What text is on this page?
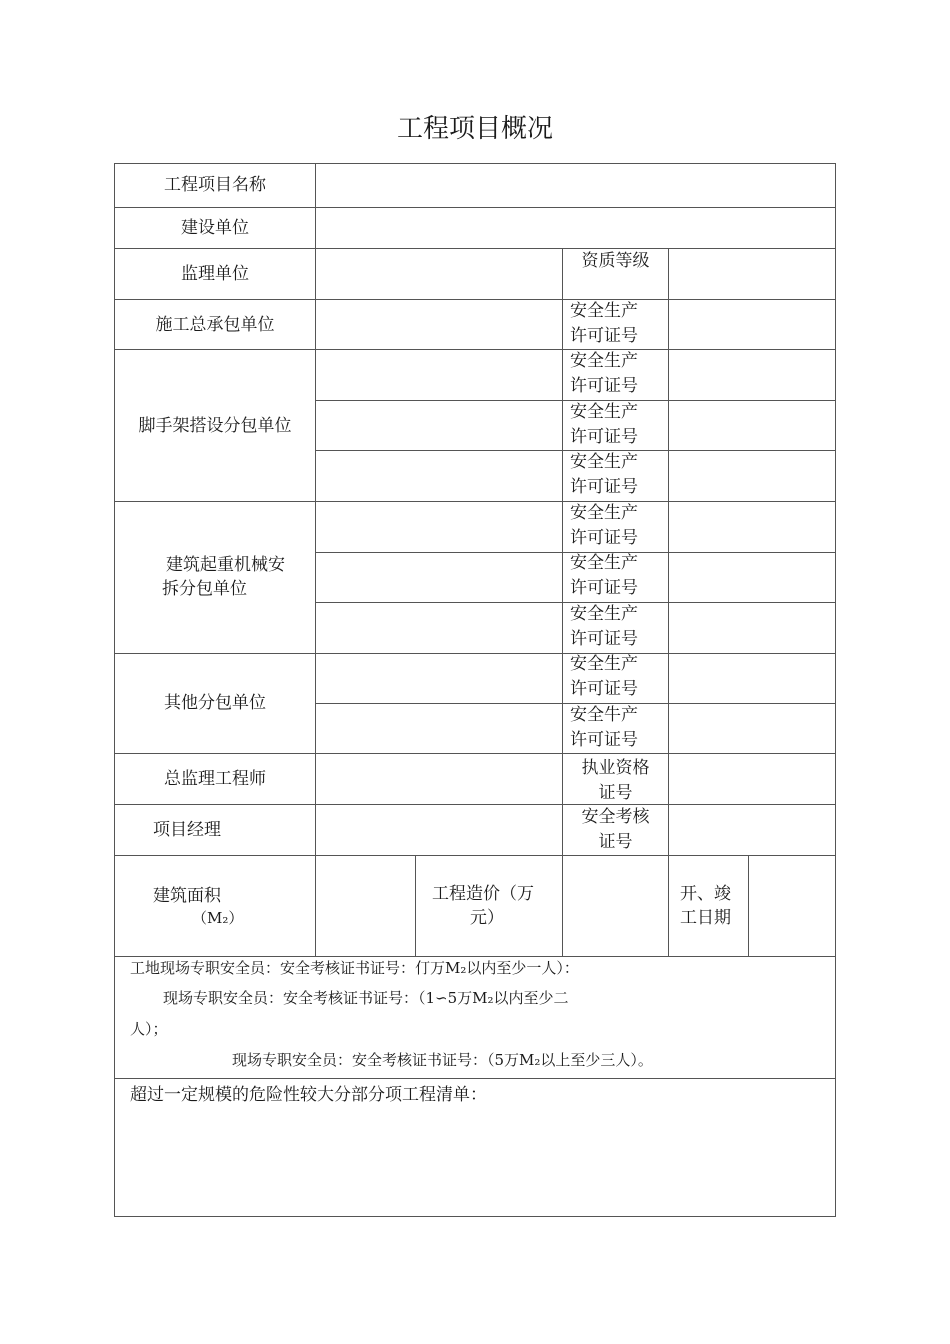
工程项目概况
工程项目名称
建设单位
监理单位
资质等级
施工总承包单位
安全生产
许可证号
安全生产
许可证号
安全生产
许可证号
安全生产
许可证号
安全生产
许可证号
安全生产
许可证号
安全生产
许可证号
安全生产
许可证号
安全牛产
许可证号
脚手架搭设分包单位
建筑起重机械安
拆分包单位
其他分包单位
总监理工程师
执业资格
证号
项目经理
安全考核
证号
建筑面积
（M₂）
工程造价（万
元）
开、竣
工日期
工地现场专职安全员：安全考核证书证号：仃万M₂以内至少一人）：
现场专职安全员：安全考核证书证号：（1∽5万M₂以内至少二
人）；
现场专职安全员：安全考核证书证号：（5万M₂以上至少三人）。
超过一定规模的危险性较大分部分项工程清单：
